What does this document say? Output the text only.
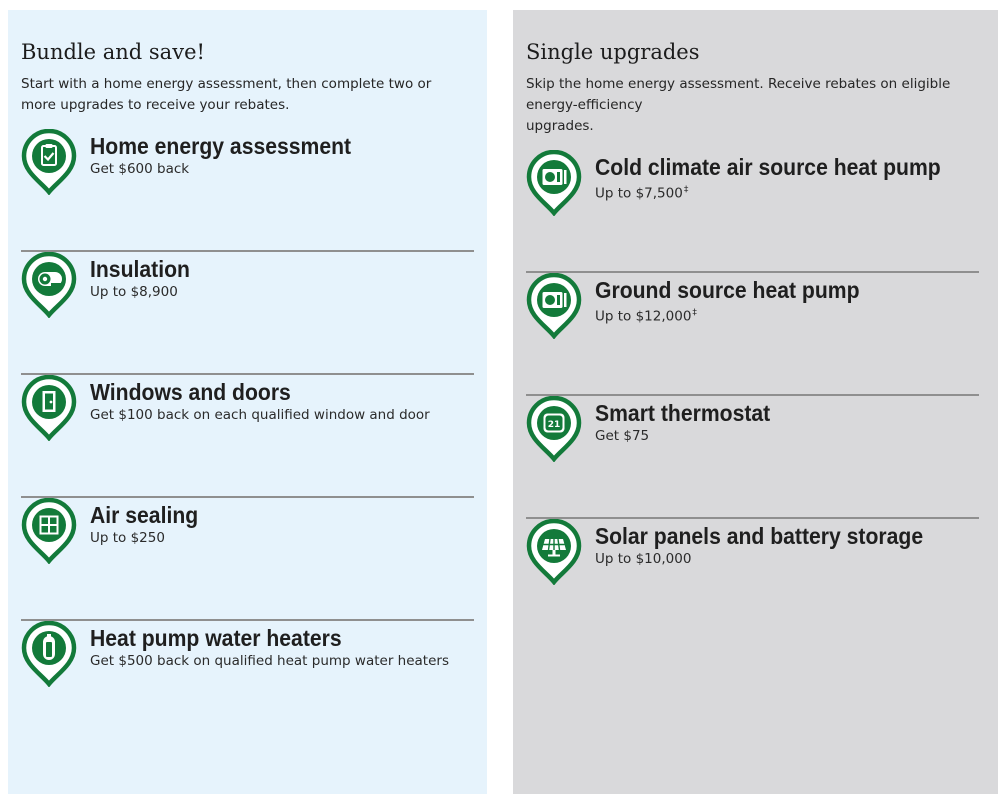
Bundle and save!

Start with a home energy assessment, then complete two or more upgrades to receive your rebates.

Home energy assessment
Get $600 back
Insulation
Up to $8,900
Windows and doors
Get $100 back on each qualified window and door
Air sealing
Up to $250
Heat pump water heaters
Get $500 back on qualified heat pump water heaters
Single upgrades

Skip the home energy assessment. Receive rebates on eligible energy-efficiency
upgrades.

Cold climate air source heat pump
Up to $7,500‡
Ground source heat pump
Up to $12,000‡
21 Smart thermostat
Get $75
Solar panels and battery storage
Up to $10,000
